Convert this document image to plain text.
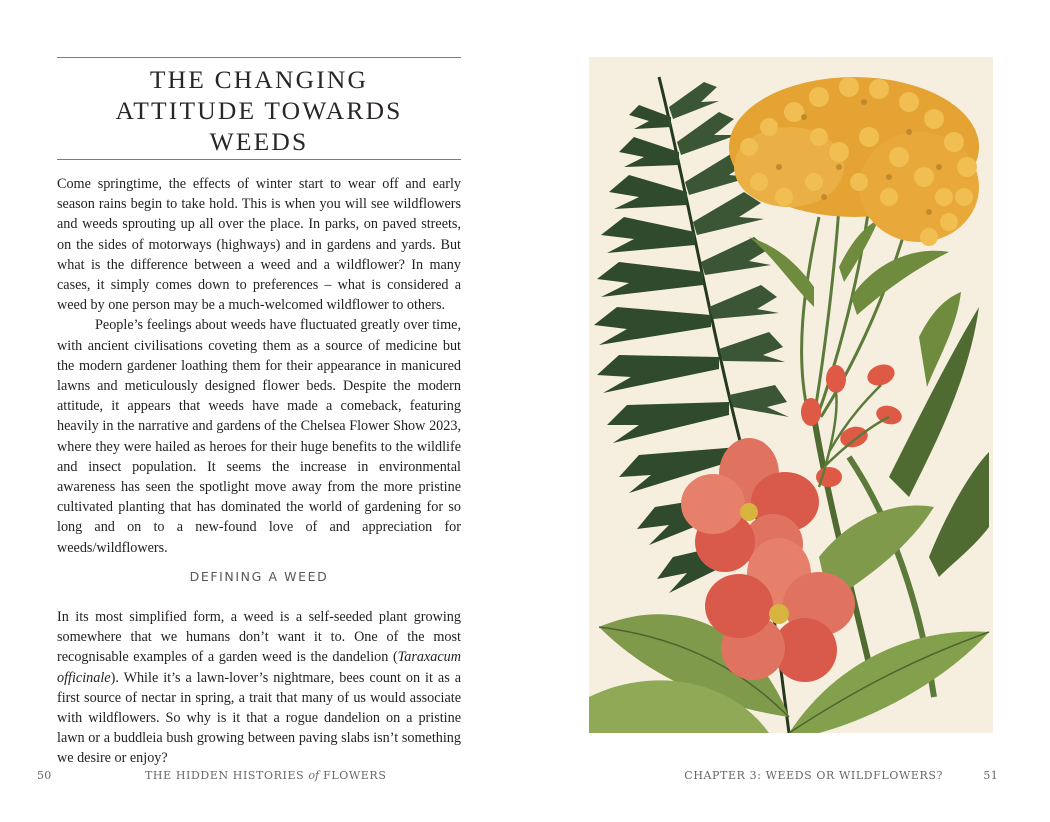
THE CHANGING
ATTITUDE TOWARDS
WEEDS

Come springtime, the effects of winter start to wear off and early season rains begin to take hold. This is when you will see wildflowers and weeds sprouting up all over the place. In parks, on paved streets, on the sides of motorways (highways) and in gardens and yards. But what is the difference between a weed and a wildflower? In many cases, it simply comes down to preferences – what is considered a weed by one person may be a much-welcomed wildflower to others.

People’s feelings about weeds have fluctuated greatly over time, with ancient civilisations coveting them as a source of medicine but the modern gardener loathing them for their appearance in manicured lawns and meticulously designed flower beds. Despite the modern attitude, it appears that weeds have made a comeback, featuring heavily in the narrative and gardens of the Chelsea Flower Show 2023, where they were hailed as heroes for their huge benefits to the wildlife and insect population. It seems the increase in environmental awareness has seen the spotlight move away from the more pristine cultivated planting that has dominated the world of gardening for so long and on to a new-found love of and appreciation for weeds/wildflowers.

DEFINING A WEED

In its most simplified form, a weed is a self-seeded plant growing somewhere that we humans don’t want it to. One of the most recognisable examples of a garden weed is the dandelion (Taraxacum officinale). While it’s a lawn-lover’s nightmare, bees count on it as a first source of nectar in spring, a trait that many of us would associate with wildflowers. So why is it that a rogue dandelion on a pristine lawn or a buddleia bush growing between paving slabs isn’t something we desire or enjoy?

50	THE HIDDEN HISTORIES of FLOWERS	CHAPTER 3: WEEDS OR WILDFLOWERS?	51
